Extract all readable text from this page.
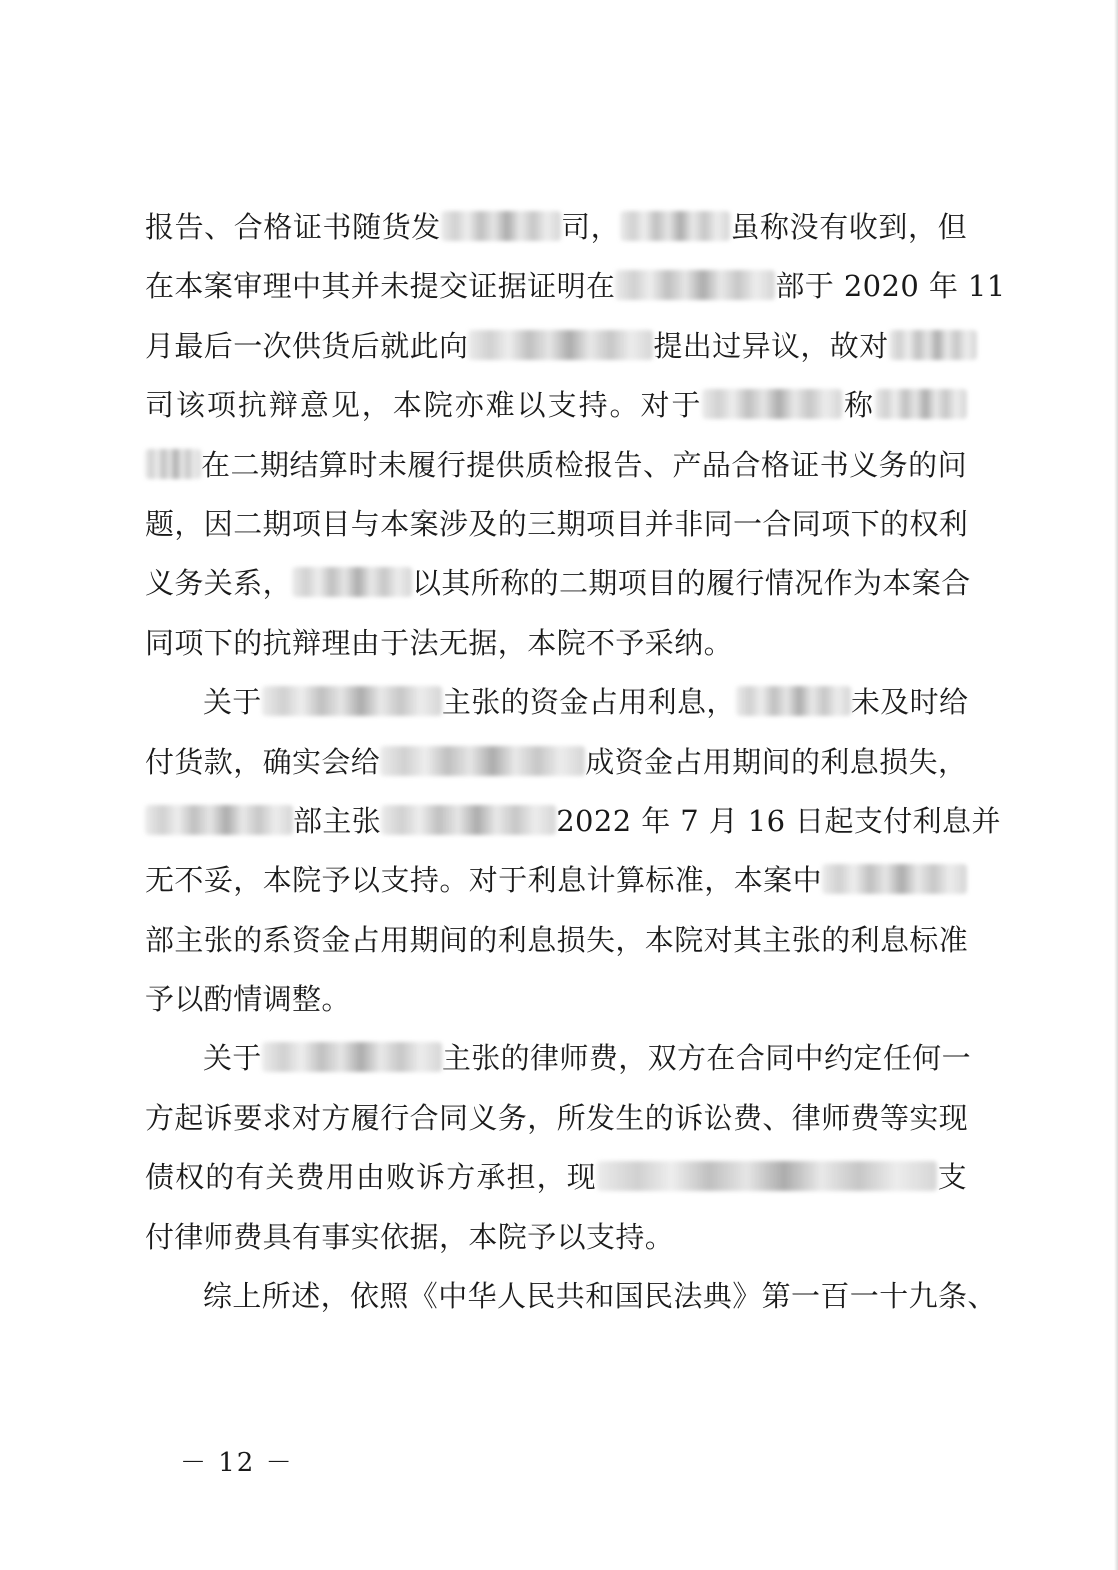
报告、合格证书随货发	司，	虽称没有收到，但
在本案审理中其并未提交证据证明在	部于 2020 年 11
月最后一次供货后就此向	提出过异议，故对
司该项抗辩意见，本院亦难以支持。对于	称
在二期结算时未履行提供质检报告、产品合格证书义务的问
题，因二期项目与本案涉及的三期项目并非同一合同项下的权利
义务关系，	以其所称的二期项目的履行情况作为本案合
同项下的抗辩理由于法无据，本院不予采纳。
关于	主张的资金占用利息，	未及时给
付货款，确实会给	成资金占用期间的利息损失，
部主张	2022 年 7 月 16 日起支付利息并
无不妥，本院予以支持。对于利息计算标准，本案中
部主张的系资金占用期间的利息损失，本院对其主张的利息标准
予以酌情调整。
关于	主张的律师费，双方在合同中约定任何一
方起诉要求对方履行合同义务，所发生的诉讼费、律师费等实现
债权的有关费用由败诉方承担，现	支
付律师费具有事实依据，本院予以支持。
综上所述，依照《中华人民共和国民法典》第一百一十九条、
－ 12 －
